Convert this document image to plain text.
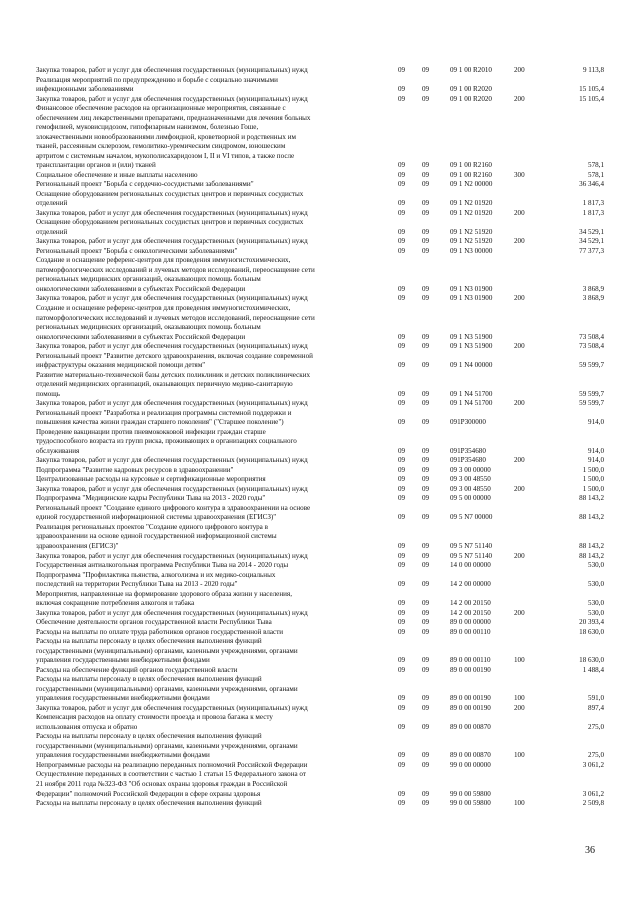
Закупка товаров, работ и услуг для обеспечения государственных (муниципальных) нужд	09	09	09 1 00 R2010	200	9 113,8
Реализация мероприятий по предупреждению и борьбе с социально значимыми
инфекционными заболеваниями	09	09	09 1 00 R2020	15 105,4
Закупка товаров, работ и услуг для обеспечения государственных (муниципальных) нужд	09	09	09 1 00 R2020	200	15 105,4
Финансовое обеспечение расходов на организационные мероприятия, связанные с
обеспечением лиц лекарственными препаратами, предназначенными для лечения больных
гемофилией, муковисцидозом, гипофизарным нанизмом, болезнью Гоше,
злокачественными новообразованиями лимфоидной, кроветворной и родственных им
тканей, рассеянным склерозом, гемолитико-уремическим синдромом, юношеским
артритом с системным началом, мукополисахаридозом I, II и VI типов, а также после
трансплантации органов и (или) тканей	09	09	09 1 00 R2160	578,1
Социальное обеспечение и иные выплаты населению	09	09	09 1 00 R2160	300	578,1
Региональный проект "Борьба с сердечно-сосудистыми заболеваниями"	09	09	09 1 N2 00000	36 346,4
Оснащение оборудованием региональных сосудистых центров и первичных сосудистых
отделений	09	09	09 1 N2 01920	1 817,3
Закупка товаров, работ и услуг для обеспечения государственных (муниципальных) нужд	09	09	09 1 N2 01920	200	1 817,3
Оснащение оборудованием региональных сосудистых центров и первичных сосудистых
отделений	09	09	09 1 N2 51920	34 529,1
Закупка товаров, работ и услуг для обеспечения государственных (муниципальных) нужд	09	09	09 1 N2 51920	200	34 529,1
Региональный проект "Борьба с онкологическими заболеваниями"	09	09	09 1 N3 00000	77 377,3
Создание и оснащение референс-центров для проведения иммуногистохимических,
патоморфологических исследований и лучевых методов исследований, переоснащение сети
региональных медицинских организаций, оказывающих помощь больным
онкологическими заболеваниями в субъектах Российской Федерации	09	09	09 1 N3 01900	3 868,9
Закупка товаров, работ и услуг для обеспечения государственных (муниципальных) нужд	09	09	09 1 N3 01900	200	3 868,9
Создание и оснащение референс-центров для проведения иммуногистохимических,
патоморфологических исследований и лучевых методов исследований, переоснащение сети
региональных медицинских организаций, оказывающих помощь больным
онкологическими заболеваниями в субъектах Российской Федерации	09	09	09 1 N3 51900	73 508,4
Закупка товаров, работ и услуг для обеспечения государственных (муниципальных) нужд	09	09	09 1 N3 51900	200	73 508,4
Региональный проект "Развитие детского здравоохранения, включая создание современной
инфраструктуры оказания медицинской помощи детям"	09	09	09 1 N4 00000	59 599,7
Развитие материально-технической базы детских поликлиник и детских поликлинических
отделений медицинских организаций, оказывающих первичную медико-санитарную
помощь	09	09	09 1 N4 51700	59 599,7
Закупка товаров, работ и услуг для обеспечения государственных (муниципальных) нужд	09	09	09 1 N4 51700	200	59 599,7
Региональный проект "Разработка и реализация программы системной поддержки и
повышения качества жизни граждан старшего поколения" ("Старшее поколение")	09	09	091P300000	914,0
Проведение вакцинации против пневмококковой инфекции граждан старше
трудоспособного возраста из групп риска, проживающих в организациях социального
обслуживания	09	09	091P354680	914,0
Закупка товаров, работ и услуг для обеспечения государственных (муниципальных) нужд	09	09	091P354680	200	914,0
Подпрограмма "Развитие кадровых ресурсов в здравоохранении"	09	09	09 3 00 00000	1 500,0
Централизованные расходы на курсовые и сертификационные мероприятия	09	09	09 3 00 48550	1 500,0
Закупка товаров, работ и услуг для обеспечения государственных (муниципальных) нужд	09	09	09 3 00 48550	200	1 500,0
Подпрограмма "Медицинские кадры Республики Тыва на 2013 - 2020 годы"	09	09	09 5 00 00000	88 143,2
Региональный проект "Создание единого цифрового контура в здравоохранении на основе
единой государственной информационной системы здравоохранения (ЕГИСЗ)"	09	09	09 5 N7 00000	88 143,2
Реализация региональных проектов "Создание единого цифрового контура в
здравоохранении на основе единой государственной информационной системы
здравоохранения (ЕГИСЗ)"	09	09	09 5 N7 51140	88 143,2
Закупка товаров, работ и услуг для обеспечения государственных (муниципальных) нужд	09	09	09 5 N7 51140	200	88 143,2
Государственная антиалкогольная программа Республики Тыва на 2014 - 2020 годы	09	09	14 0 00 00000	530,0
Подпрограмма "Профилактика пьянства, алкоголизма и их медико-социальных
последствий на территории Республики Тыва на 2013 - 2020 годы"	09	09	14 2 00 00000	530,0
Мероприятия, направленные на формирование здорового образа жизни у населения,
включая сокращение потребления алкоголя и табака	09	09	14 2 00 20150	530,0
Закупка товаров, работ и услуг для обеспечения государственных (муниципальных) нужд	09	09	14 2 00 20150	200	530,0
Обеспечение деятельности органов государственной власти Республики Тыва	09	09	89 0 00 00000	20 393,4
Расходы на выплаты по оплате труда работников органов государственной власти	09	09	89 0 00 00110	18 630,0
Расходы на выплаты персоналу в целях обеспечения выполнения функций
государственными (муниципальными) органами, казенными учреждениями, органами
управления государственными внебюджетными фондами	09	09	89 0 00 00110	100	18 630,0
Расходы на обеспечение функций органов государственной власти	09	09	89 0 00 00190	1 488,4
Расходы на выплаты персоналу в целях обеспечения выполнения функций
государственными (муниципальными) органами, казенными учреждениями, органами
управления государственными внебюджетными фондами	09	09	89 0 00 00190	100	591,0
Закупка товаров, работ и услуг для обеспечения государственных (муниципальных) нужд	09	09	89 0 00 00190	200	897,4
Компенсация расходов на оплату стоимости проезда и провоза багажа к месту
использования отпуска и обратно	09	09	89 0 00 00870	275,0
Расходы на выплаты персоналу в целях обеспечения выполнения функций
государственными (муниципальными) органами, казенными учреждениями, органами
управления государственными внебюджетными фондами	09	09	89 0 00 00870	100	275,0
Непрограммные расходы на реализацию переданных полномочий Российской Федерации	09	09	99 0 00 00000	3 061,2
Осуществление переданных в соответствии с частью 1 статьи 15 Федерального закона от
21 ноября 2011 года №323-ФЗ "Об основах охраны здоровья граждан в Российской
Федерации" полномочий Российской Федерации в сфере охраны здоровья	09	09	99 0 00 59800	3 061,2
Расходы на выплаты персоналу в целях обеспечения выполнения функций	09	09	99 0 00 59800	100	2 509,8
36
